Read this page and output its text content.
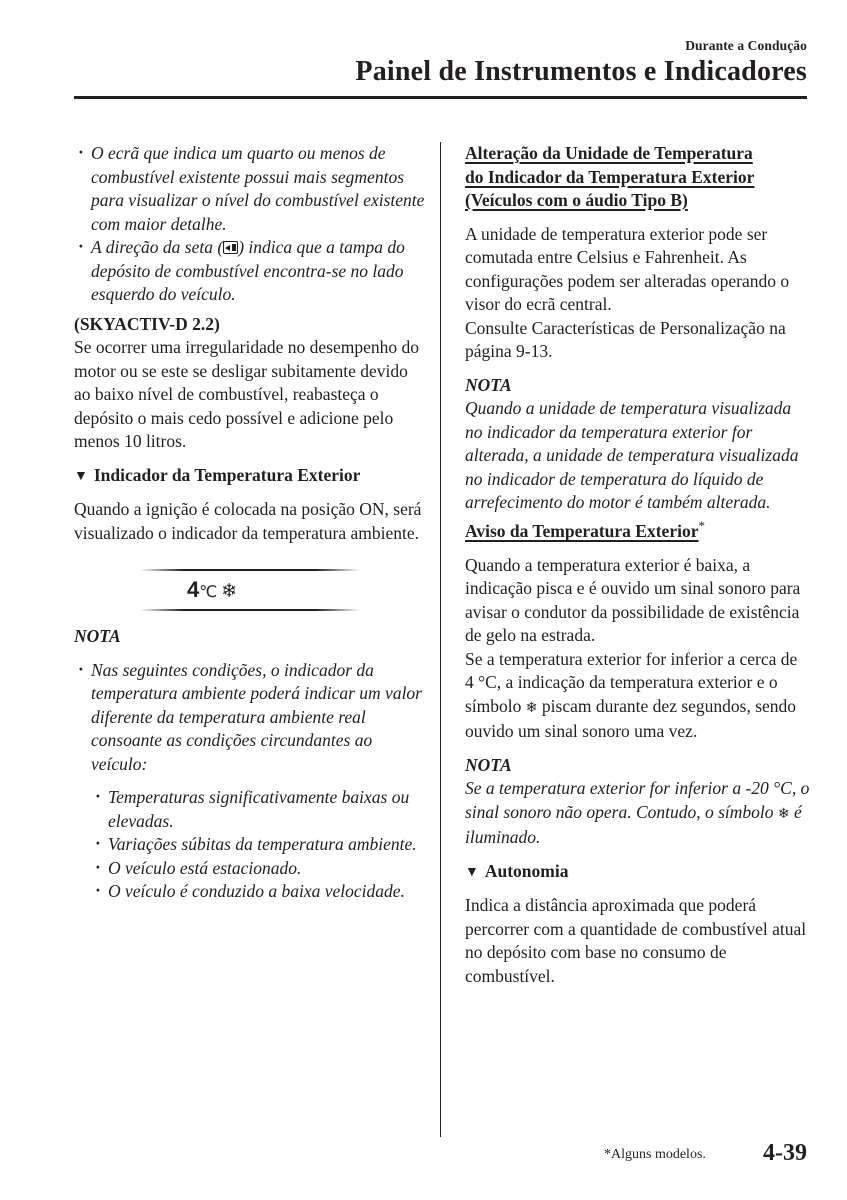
Durante a Condução
Painel de Instrumentos e Indicadores
· O ecrã que indica um quarto ou menos de combustível existente possui mais segmentos para visualizar o nível do combustível existente com maior detalhe.
· A direção da seta ( ) indica que a tampa do depósito de combustível encontra-se no lado esquerdo do veículo.

(SKYACTIV-D 2.2)

Se ocorrer uma irregularidade no desempenho do motor ou se este se desligar subitamente devido ao baixo nível de combustível, reabasteça o depósito o mais cedo possível e adicione pelo menos 10 litros.

▼ Indicador da Temperatura Exterior

Quando a ignição é colocada na posição ON, será visualizado o indicador da temperatura ambiente.

4℃ ❄

NOTA

· Nas seguintes condições, o indicador da temperatura ambiente poderá indicar um valor diferente da temperatura ambiente real consoante as condições circundantes ao veículo:
· Temperaturas significativamente baixas ou elevadas.
· Variações súbitas da temperatura ambiente.
· O veículo está estacionado.
· O veículo é conduzido a baixa velocidade.
Alteração da Unidade de Temperatura
do Indicador da Temperatura Exterior
(Veículos com o áudio Tipo B)

A unidade de temperatura exterior pode ser comutada entre Celsius e Fahrenheit. As configurações podem ser alteradas operando o visor do ecrã central.

Consulte Características de Personalização na página 9-13.

NOTA

Quando a unidade de temperatura visualizada no indicador da temperatura exterior for alterada, a unidade de temperatura visualizada no indicador de temperatura do líquido de arrefecimento do motor é também alterada.

Aviso da Temperatura Exterior*

Quando a temperatura exterior é baixa, a indicação pisca e é ouvido um sinal sonoro para avisar o condutor da possibilidade de existência de gelo na estrada.

Se a temperatura exterior for inferior a cerca de 4 °C, a indicação da temperatura exterior e o símbolo ❄ piscam durante dez segundos, sendo ouvido um sinal sonoro uma vez.

NOTA

Se a temperatura exterior for inferior a -20 °C, o sinal sonoro não opera. Contudo, o símbolo ❄ é iluminado.

▼ Autonomia

Indica a distância aproximada que poderá percorrer com a quantidade de combustível atual no depósito com base no consumo de combustível.

*Alguns modelos. 4-39
